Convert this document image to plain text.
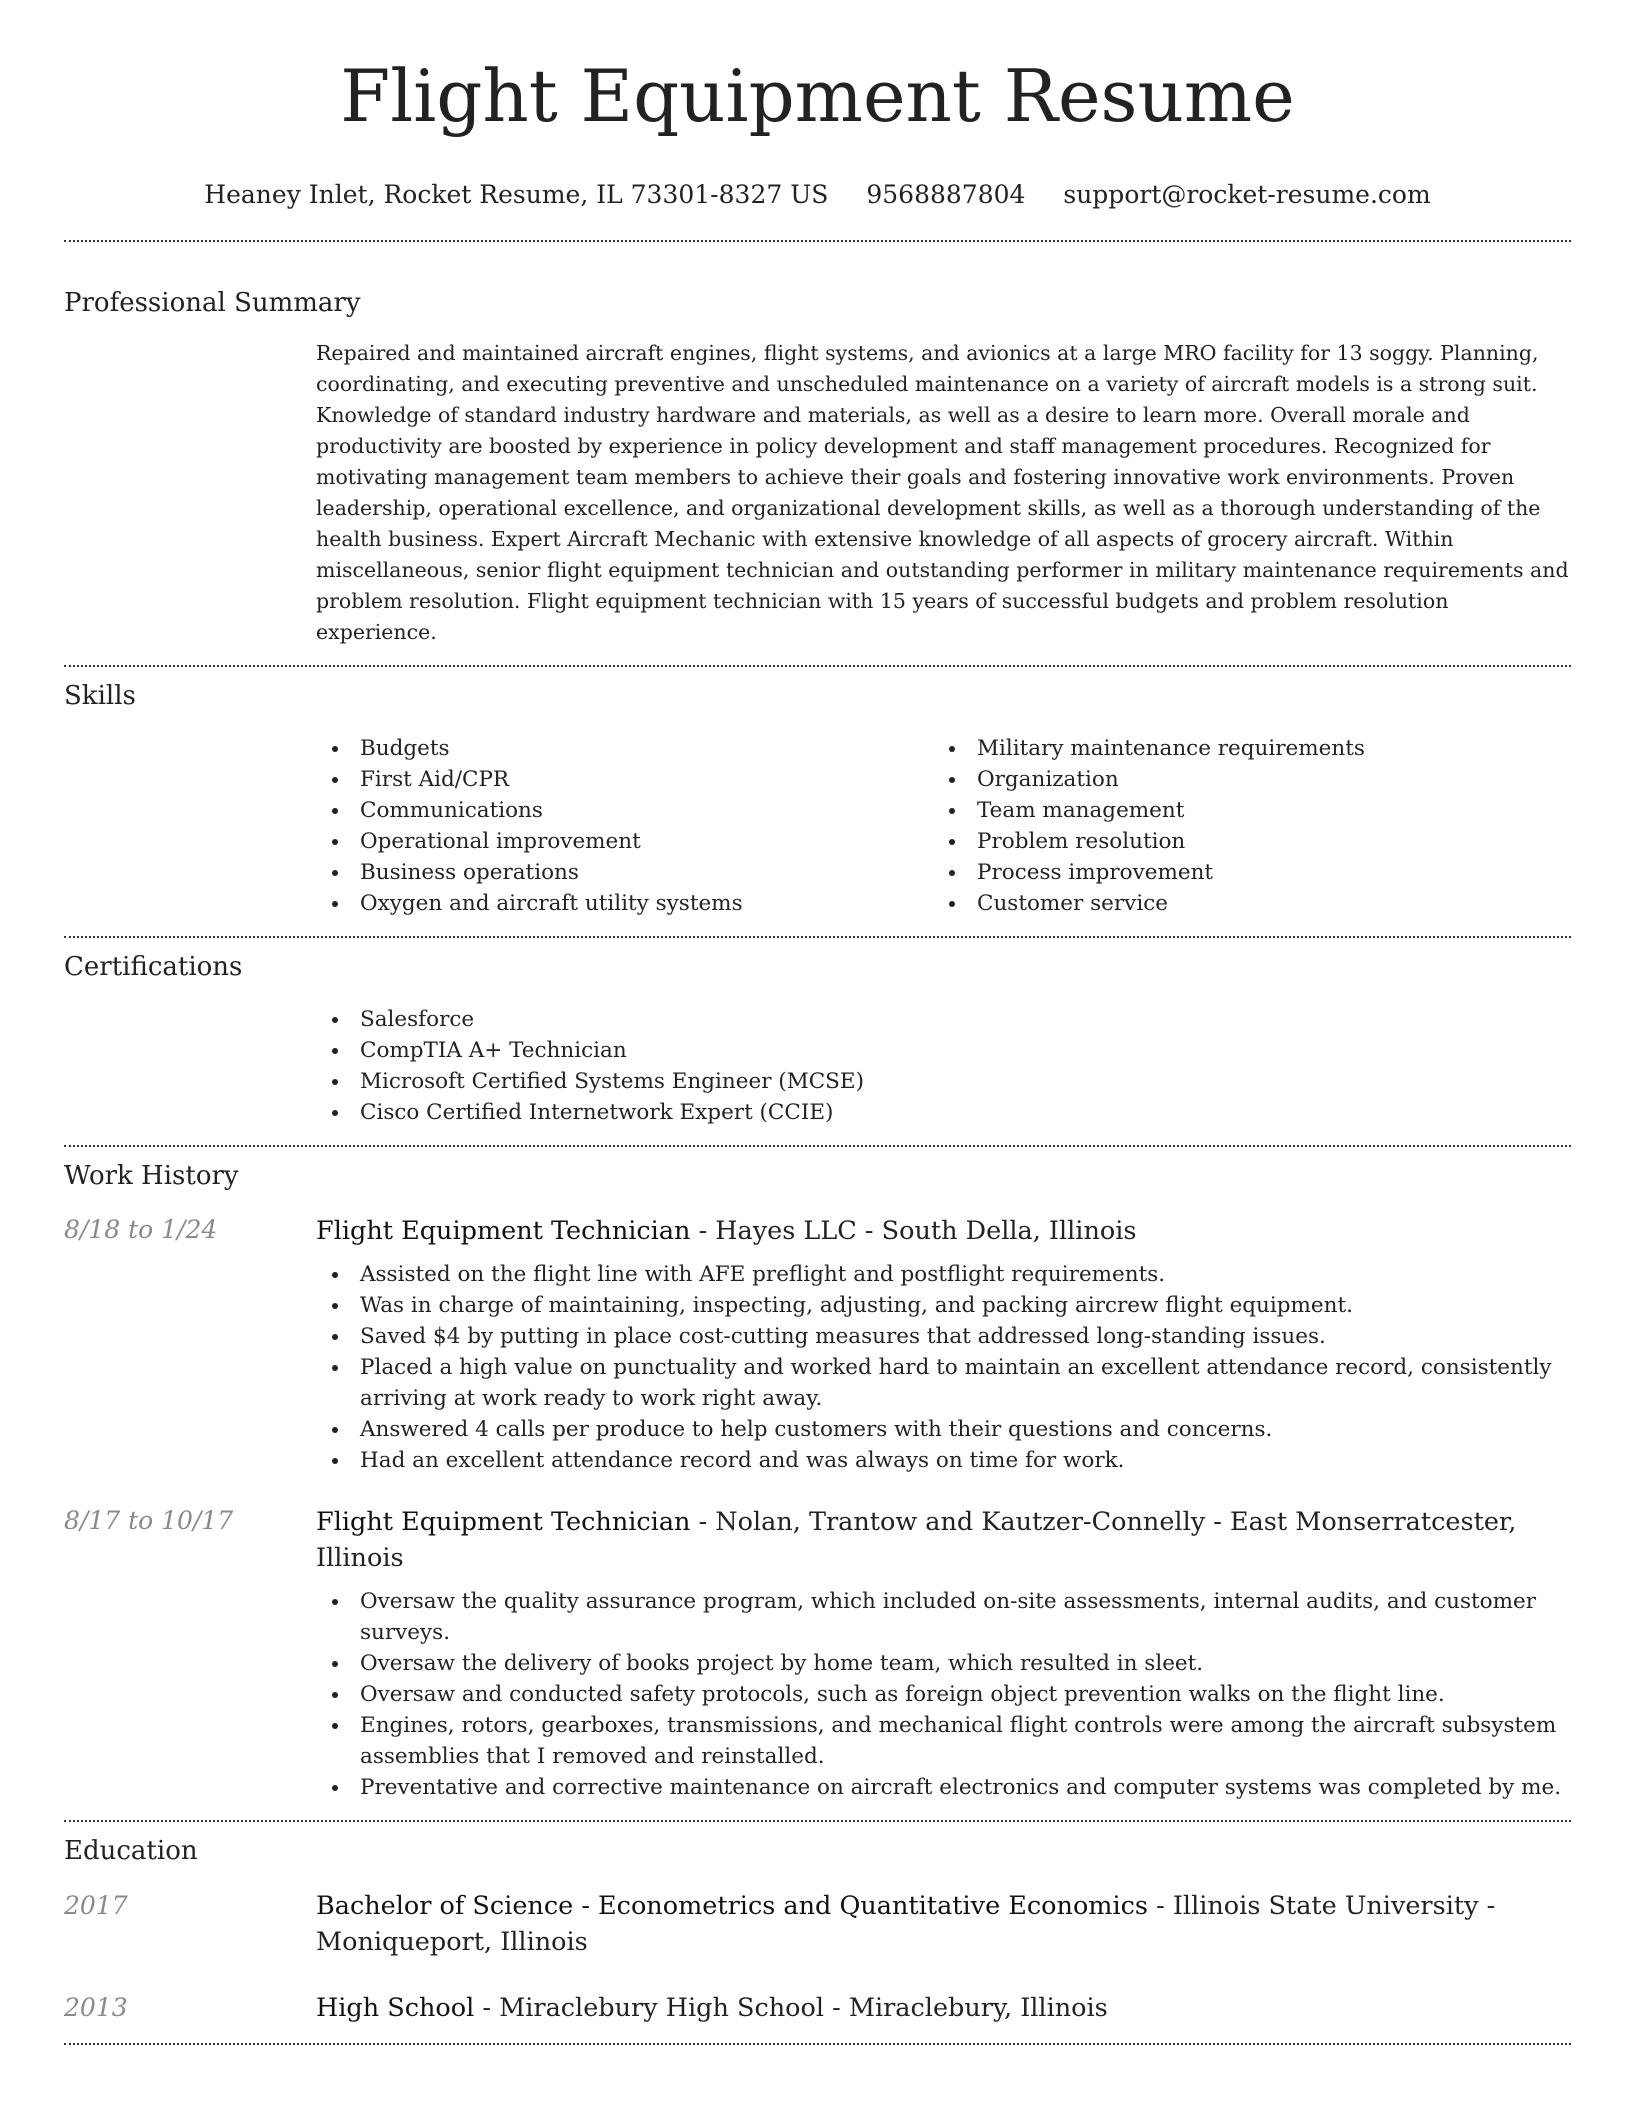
Flight Equipment Resume
Heaney Inlet, Rocket Resume, IL 73301-8327 US 9568887804 support@rocket-resume.com
Professional Summary

Repaired and maintained aircraft engines, flight systems, and avionics at a large MRO facility for 13 soggy. Planning, coordinating, and executing preventive and unscheduled maintenance on a variety of aircraft models is a strong suit. Knowledge of standard industry hardware and materials, as well as a desire to learn more. Overall morale and productivity are boosted by experience in policy development and staff management procedures. Recognized for motivating management team members to achieve their goals and fostering innovative work environments. Proven leadership, operational excellence, and organizational development skills, as well as a thorough understanding of the health business. Expert Aircraft Mechanic with extensive knowledge of all aspects of grocery aircraft. Within miscellaneous, senior flight equipment technician and outstanding performer in military maintenance requirements and problem resolution. Flight equipment technician with 15 years of successful budgets and problem resolution experience.

Skills
Budgets
First Aid/CPR
Communications
Operational improvement
Business operations
Oxygen and aircraft utility systems
Military maintenance requirements
Organization
Team management
Problem resolution
Process improvement
Customer service
Certifications
Salesforce
CompTIA A+ Technician
Microsoft Certified Systems Engineer (MCSE)
Cisco Certified Internetwork Expert (CCIE)
Work History
8/18 to 1/24	Flight Equipment Technician - Hayes LLC - South Della, Illinois
Assisted on the flight line with AFE preflight and postflight requirements.
Was in charge of maintaining, inspecting, adjusting, and packing aircrew flight equipment.
Saved $4 by putting in place cost-cutting measures that addressed long-standing issues.
Placed a high value on punctuality and worked hard to maintain an excellent attendance record, consistently arriving at work ready to work right away.
Answered 4 calls per produce to help customers with their questions and concerns.
Had an excellent attendance record and was always on time for work.
8/17 to 10/17	Flight Equipment Technician - Nolan, Trantow and Kautzer-Connelly - East Monserratcester, Illinois
Oversaw the quality assurance program, which included on-site assessments, internal audits, and customer surveys.
Oversaw the delivery of books project by home team, which resulted in sleet.
Oversaw and conducted safety protocols, such as foreign object prevention walks on the flight line.
Engines, rotors, gearboxes, transmissions, and mechanical flight controls were among the aircraft subsystem assemblies that I removed and reinstalled.
Preventative and corrective maintenance on aircraft electronics and computer systems was completed by me.
Education
2017	Bachelor of Science - Econometrics and Quantitative Economics - Illinois State University - Moniqueport, Illinois
2013	High School - Miraclebury High School - Miraclebury, Illinois
